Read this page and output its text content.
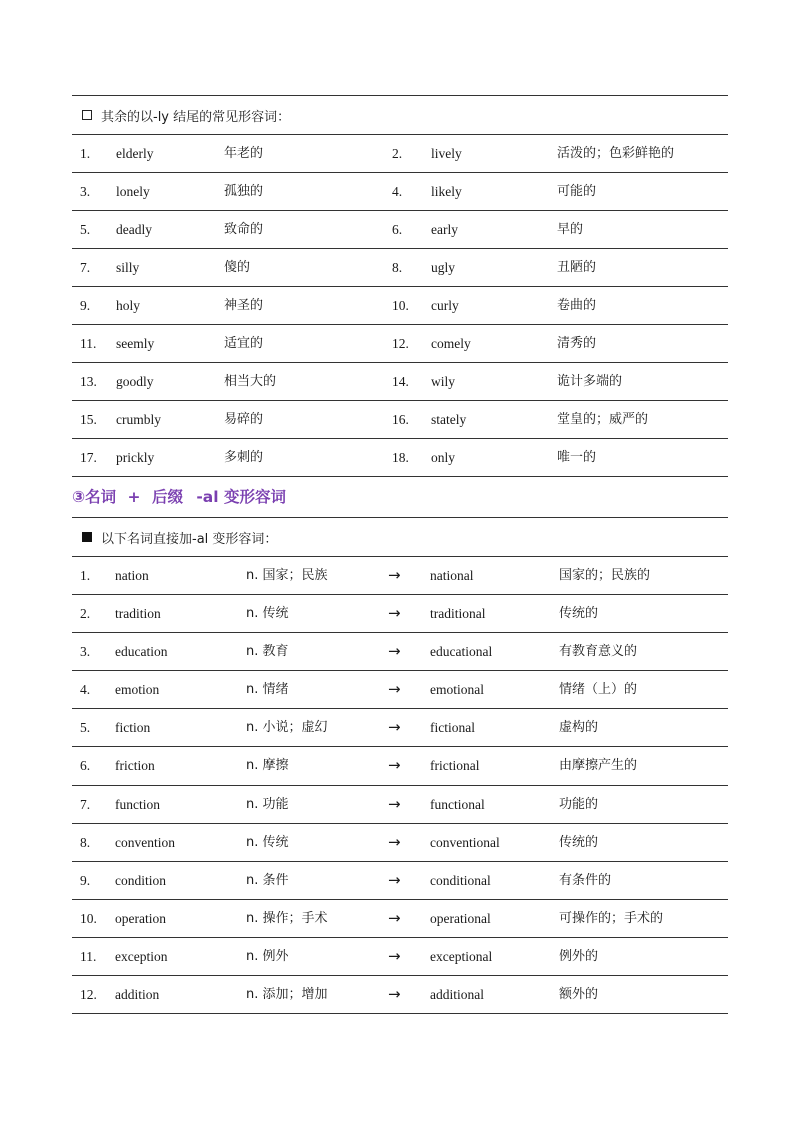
其余的以-ly 结尾的常见形容词：
1. elderly	年老的	2. lively	活泼的；色彩鲜艳的
3. lonely	孤独的	4. likely	可能的
5. deadly	致命的	6. early	早的
7. silly	傻的	8. ugly	丑陋的
9. holy	神圣的	10. curly	卷曲的
11. seemly	适宜的	12. comely	清秀的
13. goodly	相当大的	14. wily	诡计多端的
15. crumbly	易碎的	16. stately	堂皇的；威严的
17. prickly	多刺的	18. only	唯一的
③名词 + 后缀 -al 变形容词
以下名词直接加-al 变形容词：
1. nation	n. 国家；民族	→ national	国家的；民族的
2. tradition	n. 传统	→ traditional	传统的
3. education	n. 教育	→ educational	有教育意义的
4. emotion	n. 情绪	→ emotional	情绪（上）的
5. fiction	n. 小说；虚幻	→ fictional	虚构的
6. friction	n. 摩擦	→ frictional	由摩擦产生的
7. function	n. 功能	→ functional	功能的
8. convention	n. 传统	→ conventional	传统的
9. condition	n. 条件	→ conditional	有条件的
10. operation	n. 操作；手术	→ operational	可操作的；手术的
11. exception	n. 例外	→ exceptional	例外的
12. addition	n. 添加；增加	→ additional	额外的
